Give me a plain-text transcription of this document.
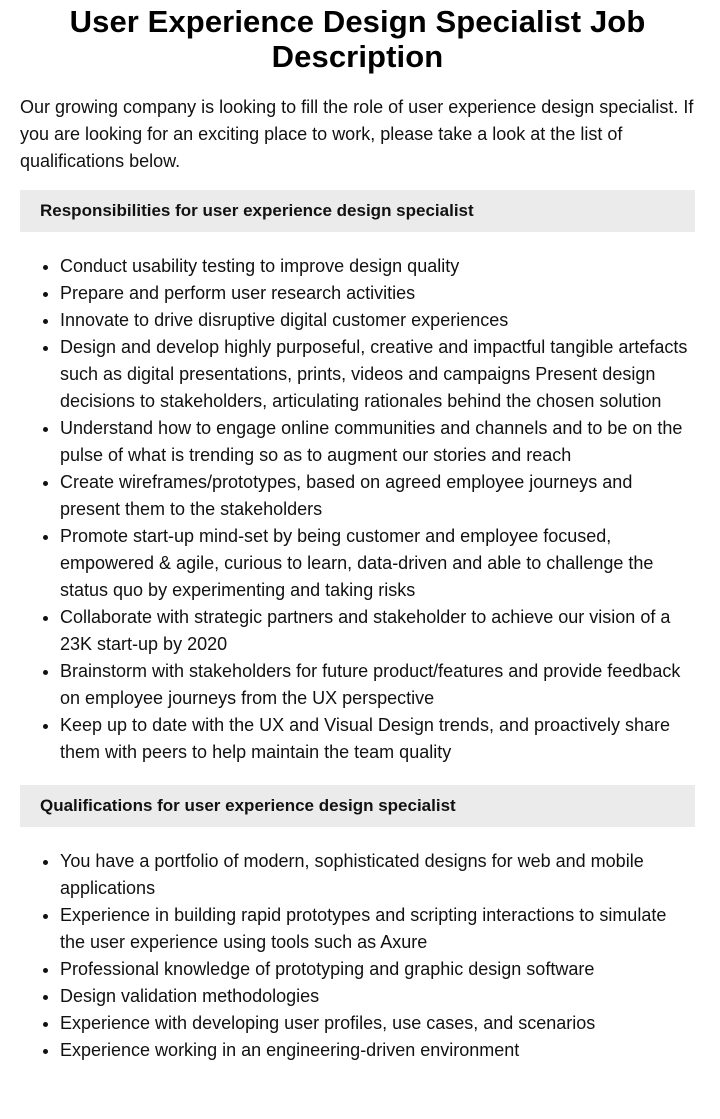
User Experience Design Specialist Job Description

Our growing company is looking to fill the role of user experience design specialist. If you are looking for an exciting place to work, please take a look at the list of qualifications below.

Responsibilities for user experience design specialist
• Conduct usability testing to improve design quality
• Prepare and perform user research activities
• Innovate to drive disruptive digital customer experiences
• Design and develop highly purposeful, creative and impactful tangible artefacts such as digital presentations, prints, videos and campaigns Present design decisions to stakeholders, articulating rationales behind the chosen solution
• Understand how to engage online communities and channels and to be on the pulse of what is trending so as to augment our stories and reach
• Create wireframes/prototypes, based on agreed employee journeys and present them to the stakeholders
• Promote start-up mind-set by being customer and employee focused, empowered & agile, curious to learn, data-driven and able to challenge the status quo by experimenting and taking risks
• Collaborate with strategic partners and stakeholder to achieve our vision of a 23K start-up by 2020
• Brainstorm with stakeholders for future product/features and provide feedback on employee journeys from the UX perspective
• Keep up to date with the UX and Visual Design trends, and proactively share them with peers to help maintain the team quality
Qualifications for user experience design specialist
• You have a portfolio of modern, sophisticated designs for web and mobile applications
• Experience in building rapid prototypes and scripting interactions to simulate the user experience using tools such as Axure
• Professional knowledge of prototyping and graphic design software
• Design validation methodologies
• Experience with developing user profiles, use cases, and scenarios
• Experience working in an engineering-driven environment
